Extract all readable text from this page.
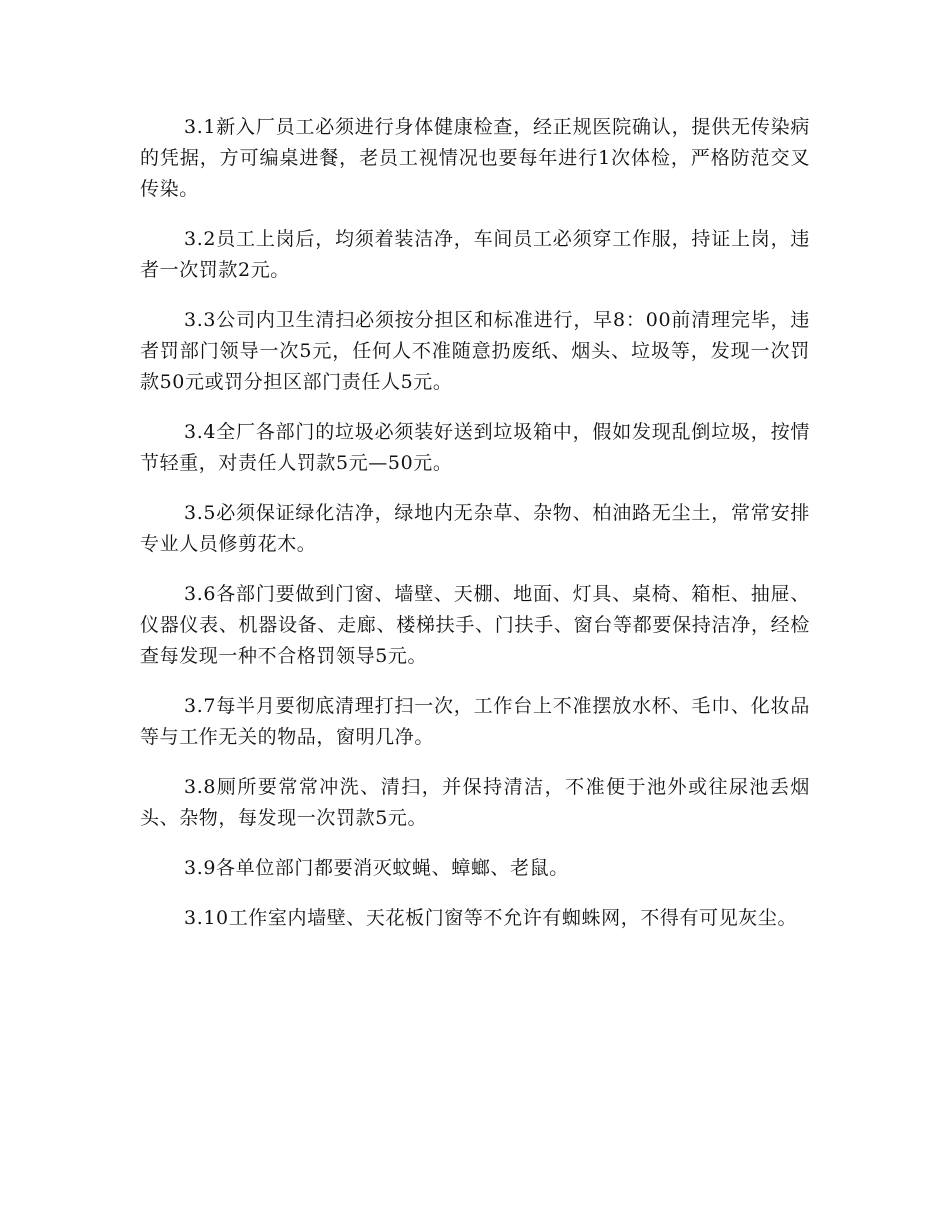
3.1新入厂员工必须进行身体健康检查，经正规医院确认，提供无传染病的凭据，方可编桌进餐，老员工视情况也要每年进行1次体检，严格防范交叉传染。

3.2员工上岗后，均须着装洁净，车间员工必须穿工作服，持证上岗，违者一次罚款2元。

3.3公司内卫生清扫必须按分担区和标准进行，早8：00前清理完毕，违者罚部门领导一次5元，任何人不准随意扔废纸、烟头、垃圾等，发现一次罚款50元或罚分担区部门责任人5元。

3.4全厂各部门的垃圾必须装好送到垃圾箱中，假如发现乱倒垃圾，按情节轻重，对责任人罚款5元—50元。

3.5必须保证绿化洁净，绿地内无杂草、杂物、柏油路无尘土，常常安排专业人员修剪花木。

3.6各部门要做到门窗、墙壁、天棚、地面、灯具、桌椅、箱柜、抽屉、仪器仪表、机器设备、走廊、楼梯扶手、门扶手、窗台等都要保持洁净，经检查每发现一种不合格罚领导5元。

3.7每半月要彻底清理打扫一次，工作台上不准摆放水杯、毛巾、化妆品等与工作无关的物品，窗明几净。

3.8厕所要常常冲洗、清扫，并保持清洁，不准便于池外或往尿池丢烟头、杂物，每发现一次罚款5元。

3.9各单位部门都要消灭蚊蝇、蟑螂、老鼠。

3.10工作室内墙壁、天花板门窗等不允许有蜘蛛网，不得有可见灰尘。
